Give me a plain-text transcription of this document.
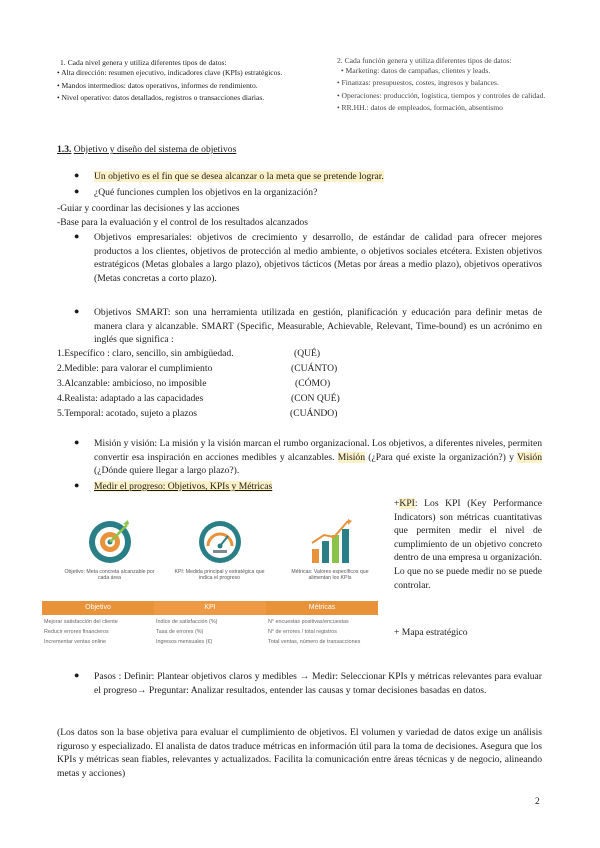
1. Cada nivel genera y utiliza diferentes tipos de datos:
• Alta dirección: resumen ejecutivo, indicadores clave (KPIs) estratégicos.
• Mandos intermedios: datos operativos, informes de rendimiento.
• Nivel operativo: datos detallados, registros o transacciones diarias.
2. Cada función genera y utiliza diferentes tipos de datos:
• Marketing: datos de campañas, clientes y leads.
• Finanzas: presupuestos, costes, ingresos y balances.
• Operaciones: producción, logística, tiempos y controles de calidad.
• RR.HH.: datos de empleados, formación, absentismo
1.3. Objetivo y diseño del sistema de objetivos
● Un objetivo es el fin que se desea alcanzar o la meta que se pretende lograr.
● ¿Qué funciones cumplen los objetivos en la organización?
-Guiar y coordinar las decisiones y las acciones
-Base para la evaluación y el control de los resultados alcanzados
● Objetivos empresariales: objetivos de crecimiento y desarrollo, de estándar de calidad para ofrecer mejores productos a los clientes, objetivos de protección al medio ambiente, o objetivos sociales etcétera. Existen objetivos estratégicos (Metas globales a largo plazo), objetivos tácticos (Metas por áreas a medio plazo), objetivos operativos (Metas concretas a corto plazo).
● Objetivos SMART: son una herramienta utilizada en gestión, planificación y educación para definir metas de manera clara y alcanzable. SMART (Specific, Measurable, Achievable, Relevant, Time-bound) es un acrónimo en inglés que significa :
1.Específico : claro, sencillo, sin ambigüedad.	(QUÉ)
2.Medible: para valorar el cumplimiento	(CUÁNTO)
3.Alcanzable: ambicioso, no imposible	(CÓMO)
4.Realista: adaptado a las capacidades	(CON QUÉ)
5.Temporal: acotado, sujeto a plazos	(CUÁNDO)
● Misión y visión: La misión y la visión marcan el rumbo organizacional. Los objetivos, a diferentes niveles, permiten convertir esa inspiración en acciones medibles y alcanzables. Misión (¿Para qué existe la organización?) y Visión (¿Dónde quiere llegar a largo plazo?).
● Medir el progreso: Objetivos, KPIs y Métricas
Objetivo: Meta concreta alcanzable por cada área
KPI: Medida principal y estratégica que indica el progreso
Métricas: Valores específicos que alimentan los KPIs
Objetivo	KPI	Métricas
Mejorar satisfacción del cliente	Índice de satisfacción (%)	N° encuestas positivas/encuestas
Reducir errores financieros	Tasa de errores (%)	N° de errores / total registros
Incrementar ventas online	Ingresos mensuales (€)	Total ventas, número de transacciones
+KPI: Los KPI (Key Performance Indicators) son métricas cuantitativas que permiten medir el nivel de cumplimiento de un objetivo concreto dentro de una empresa u organización. Lo que no se puede medir no se puede controlar.
+ Mapa estratégico
● Pasos : Definir: Plantear objetivos claros y medibles → Medir: Seleccionar KPIs y métricas relevantes para evaluar el progreso→ Preguntar: Analizar resultados, entender las causas y tomar decisiones basadas en datos.
(Los datos son la base objetiva para evaluar el cumplimiento de objetivos. El volumen y variedad de datos exige un análisis riguroso y especializado. El analista de datos traduce métricas en información útil para la toma de decisiones. Asegura que los KPIs y métricas sean fiables, relevantes y actualizados. Facilita la comunicación entre áreas técnicas y de negocio, alineando metas y acciones)
2
